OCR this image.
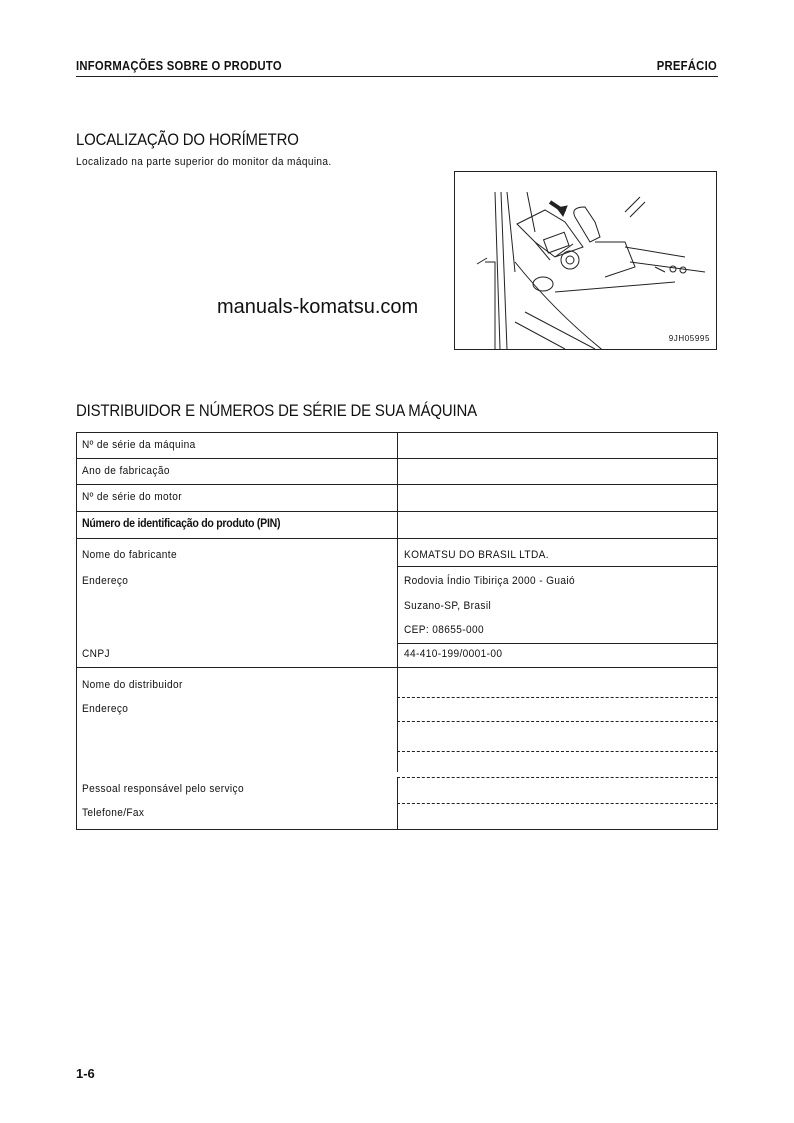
INFORMAÇÕES SOBRE O PRODUTO	PREFÁCIO
LOCALIZAÇÃO DO HORÍMETRO
Localizado na parte superior do monitor da máquina.
9JH05995
manuals-komatsu.com
DISTRIBUIDOR E NÚMEROS DE SÉRIE DE SUA MÁQUINA
Nº de série da máquina
Ano de fabricação
Nº de série do motor
Número de identificação do produto (PIN)
Nome do fabricante
Endereço
CNPJ
KOMATSU DO BRASIL LTDA.
Rodovia Índio Tibiriça 2000 - Guaió
Suzano-SP, Brasil
CEP: 08655-000
44-410-199/0001-00
Nome do distribuidor
Endereço
Pessoal responsável pelo serviço
Telefone/Fax
1-6
